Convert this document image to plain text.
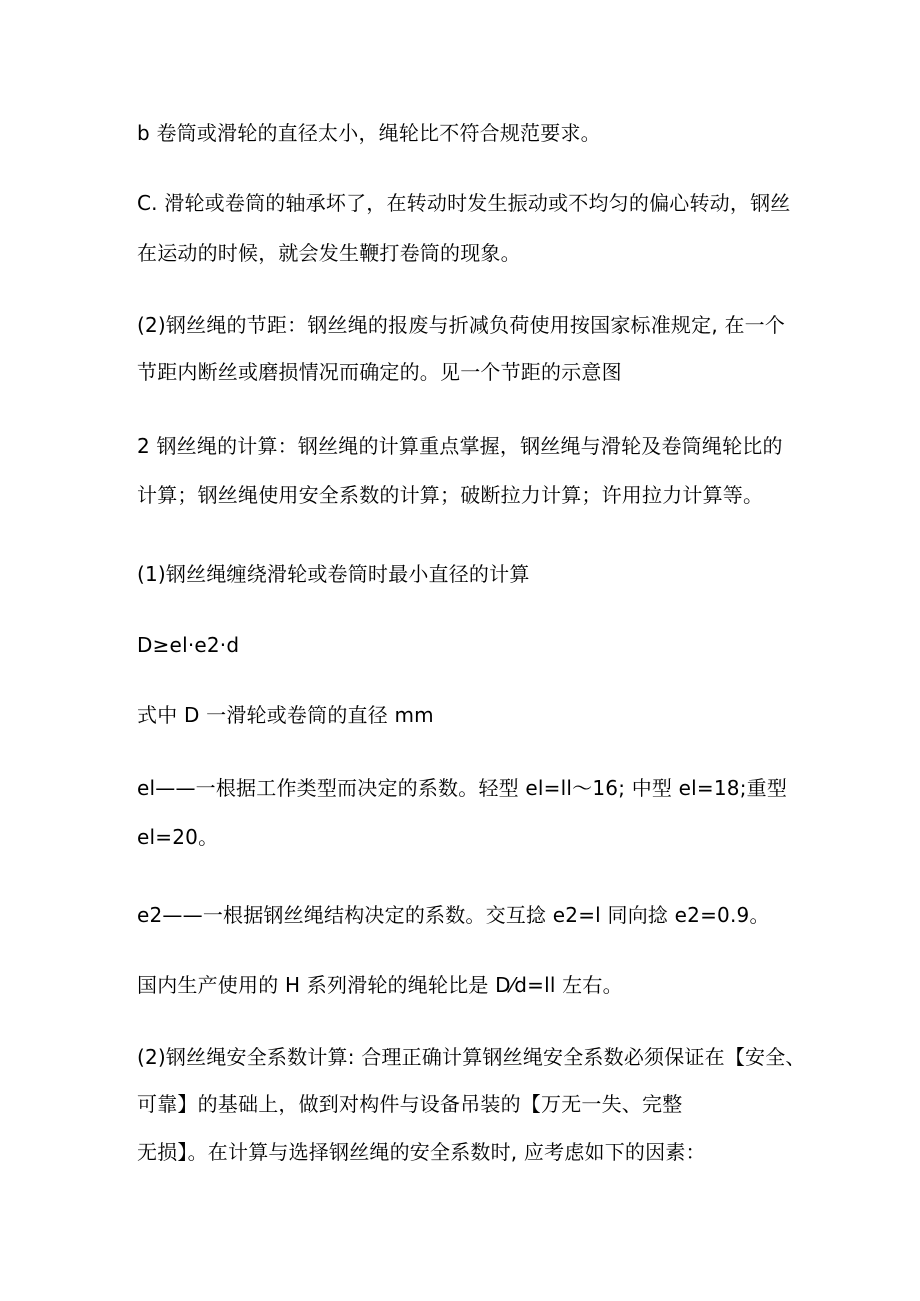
b 卷筒或滑轮的直径太小，绳轮比不符合规范要求。
C. 滑轮或卷筒的轴承坏了，在转动时发生振动或不均匀的偏心转动，钢丝
在运动的时候，就会发生鞭打卷筒的现象。
(2)钢丝绳的节距：钢丝绳的报废与折减负荷使用按国家标准规定, 在一个
节距内断丝或磨损情况而确定的。见一个节距的示意图
2 钢丝绳的计算：钢丝绳的计算重点掌握，钢丝绳与滑轮及卷筒绳轮比的
计算；钢丝绳使用安全系数的计算；破断拉力计算；许用拉力计算等。
(1)钢丝绳缠绕滑轮或卷筒时最小直径的计算
D≥el·e2·d
式中 D 一滑轮或卷筒的直径 mm
el——一根据工作类型而决定的系数。轻型 el=ll～16; 中型 el=18;重型
el=20。
e2——一根据钢丝绳结构决定的系数。交互捻 e2=l 同向捻 e2=0.9。
国内生产使用的 H 系列滑轮的绳轮比是 D⁄d=ll 左右。
(2)钢丝绳安全系数计算: 合理正确计算钢丝绳安全系数必须保证在【安全、
可靠】的基础上，做到对构件与设备吊装的【万无一失、完整
无损】。在计算与选择钢丝绳的安全系数时, 应考虑如下的因素：
